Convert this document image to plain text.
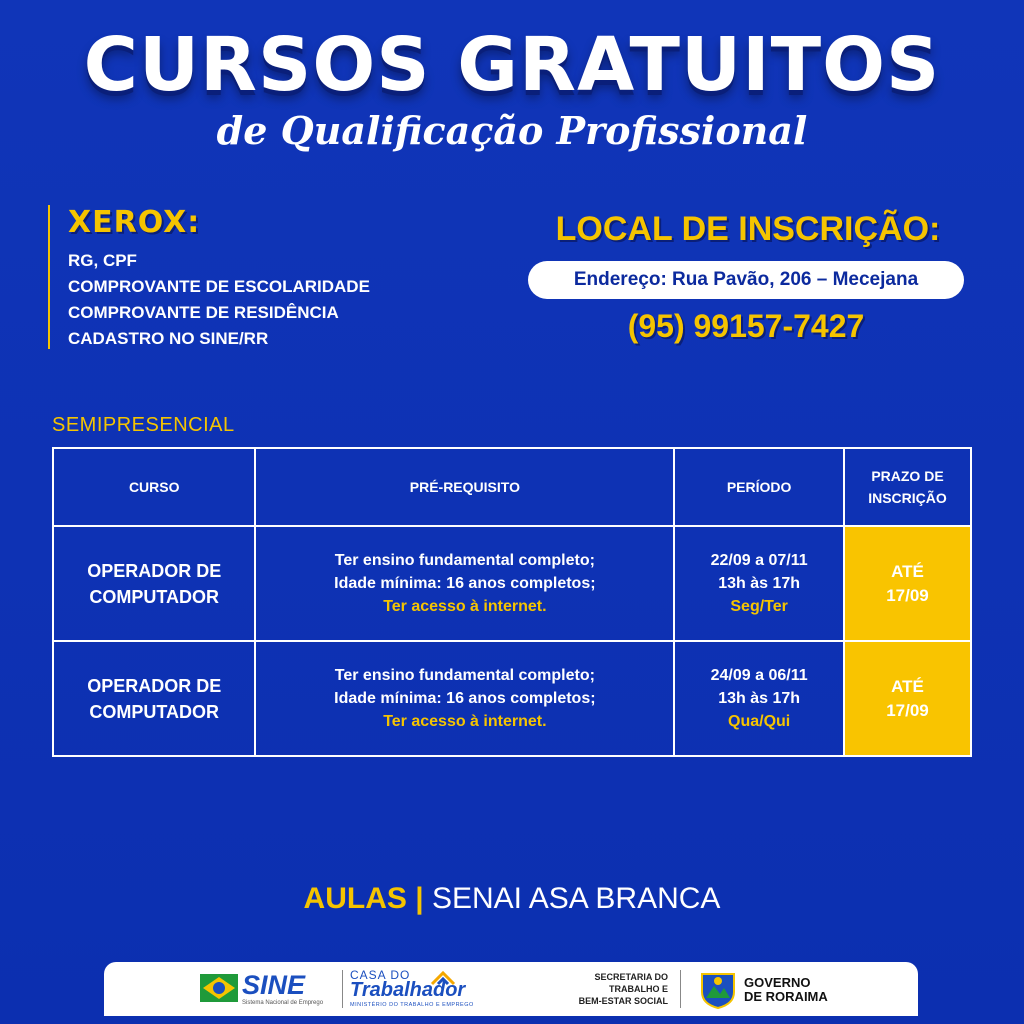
CURSOS GRATUITOS
de Qualificação Profissional
XEROX:
RG, CPF
COMPROVANTE DE ESCOLARIDADE
COMPROVANTE DE RESIDÊNCIA
CADASTRO NO SINE/RR
LOCAL DE INSCRIÇÃO:
Endereço: Rua Pavão, 206 – Mecejana
(95) 99157-7427
SEMIPRESENCIAL
CURSO	PRÉ-REQUISITO	PERÍODO	PRAZO DE
INSCRIÇÃO

OPERADOR DE
COMPUTADOR	Ter ensino fundamental completo;
Idade mínima: 16 anos completos;
Ter acesso à internet.	22/09 a 07/11
13h às 17h
Seg/Ter	ATÉ
17/09

OPERADOR DE
COMPUTADOR	Ter ensino fundamental completo;
Idade mínima: 16 anos completos;
Ter acesso à internet.	24/09 a 06/11
13h às 17h
Qua/Qui	ATÉ
17/09
AULAS | SENAI ASA BRANCA
SINE
Sistema Nacional de Emprego
CASA DO
Trabalhador
MINISTÉRIO DO TRABALHO E EMPREGO
SECRETARIA DO
TRABALHO E
BEM-ESTAR SOCIAL
GOVERNO
DE RORAIMA
